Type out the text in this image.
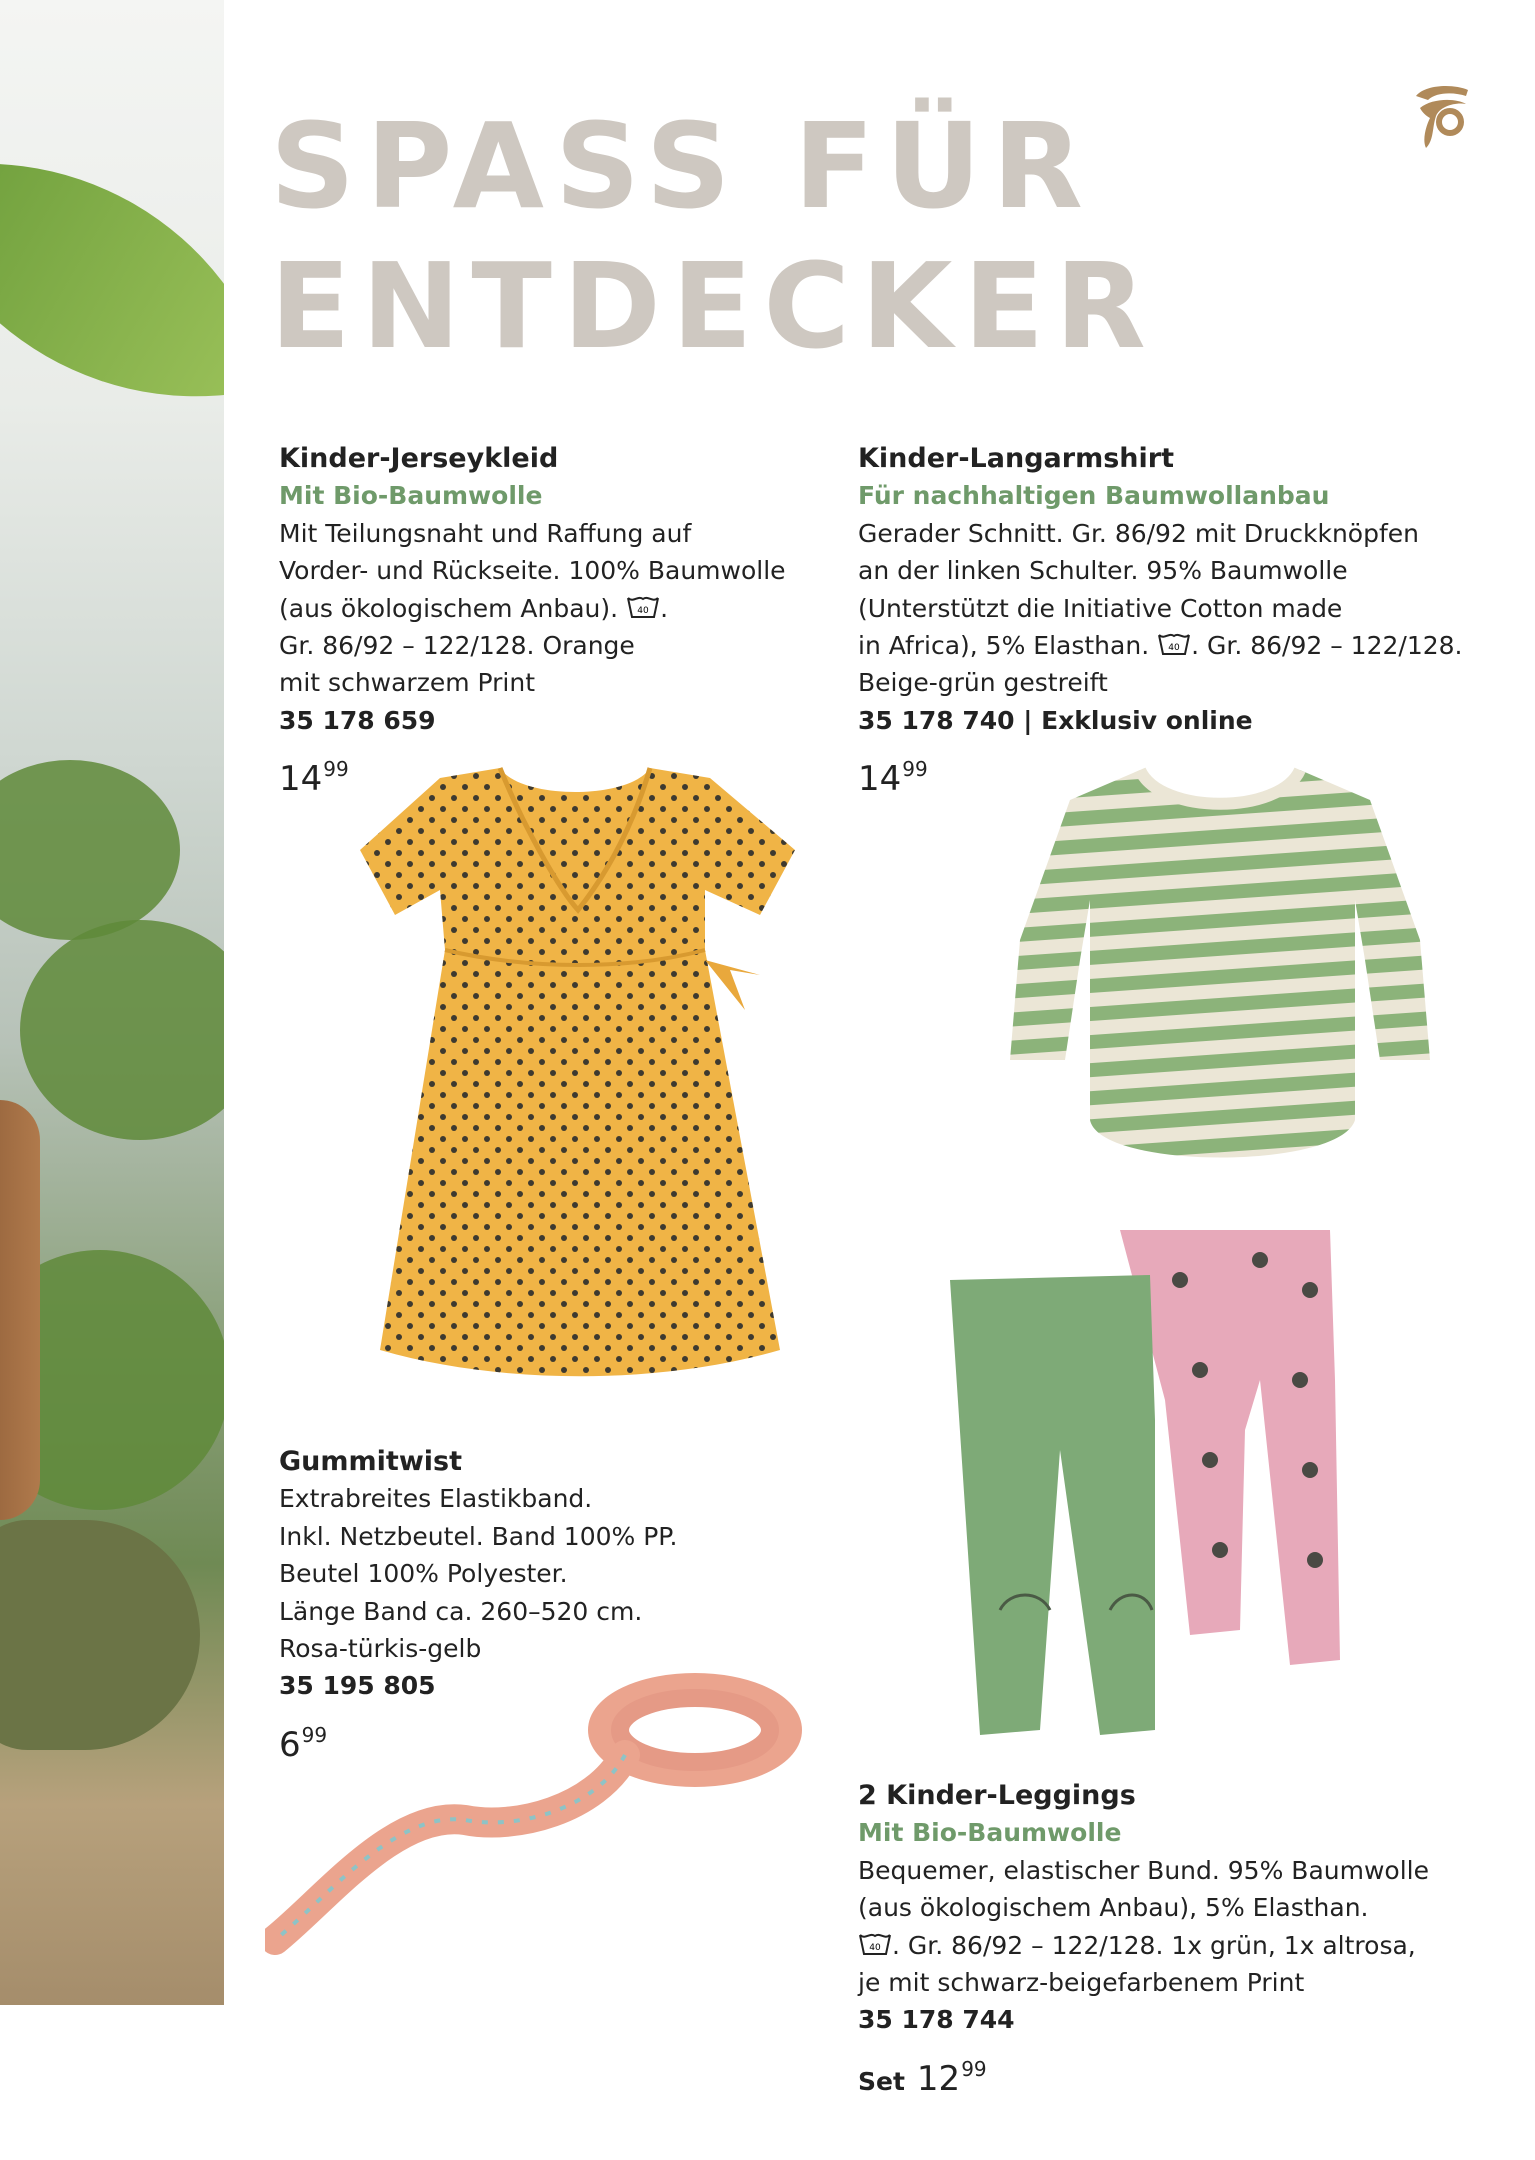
SPASS FÜR
ENTDECKER
Kinder-Jerseykleid
Mit Bio-Baumwolle
Mit Teilungsnaht und Raffung auf
Vorder- und Rückseite. 100% Baumwolle
(aus ökologischem Anbau). 40 .
Gr. 86/92 – 122/128. Orange
mit schwarzem Print
35 178 659
$14^{99}$
Kinder-Langarmshirt
Für nachhaltigen Baumwollanbau
Gerader Schnitt. Gr. 86/92 mit Druckknöpfen
an der linken Schulter. 95% Baumwolle
(Unterstützt die Initiative Cotton made
in Africa), 5% Elasthan. 40 . Gr. 86/92 – 122/128.
Beige-grün gestreift
35 178 740 | Exklusiv online
$14^{99}$
Gummitwist
Extrabreites Elastikband.
Inkl. Netzbeutel. Band 100% PP.
Beutel 100% Polyester.
Länge Band ca. 260–520 cm.
Rosa-türkis-gelb
35 195 805
$6^{99}$
2 Kinder-Leggings
Mit Bio-Baumwolle
Bequemer, elastischer Bund. 95% Baumwolle
(aus ökologischem Anbau), 5% Elasthan.
40 . Gr. 86/92 – 122/128. 1x grün, 1x altrosa,
je mit schwarz-beigefarbenem Print
35 178 744
Set $12^{99}$
